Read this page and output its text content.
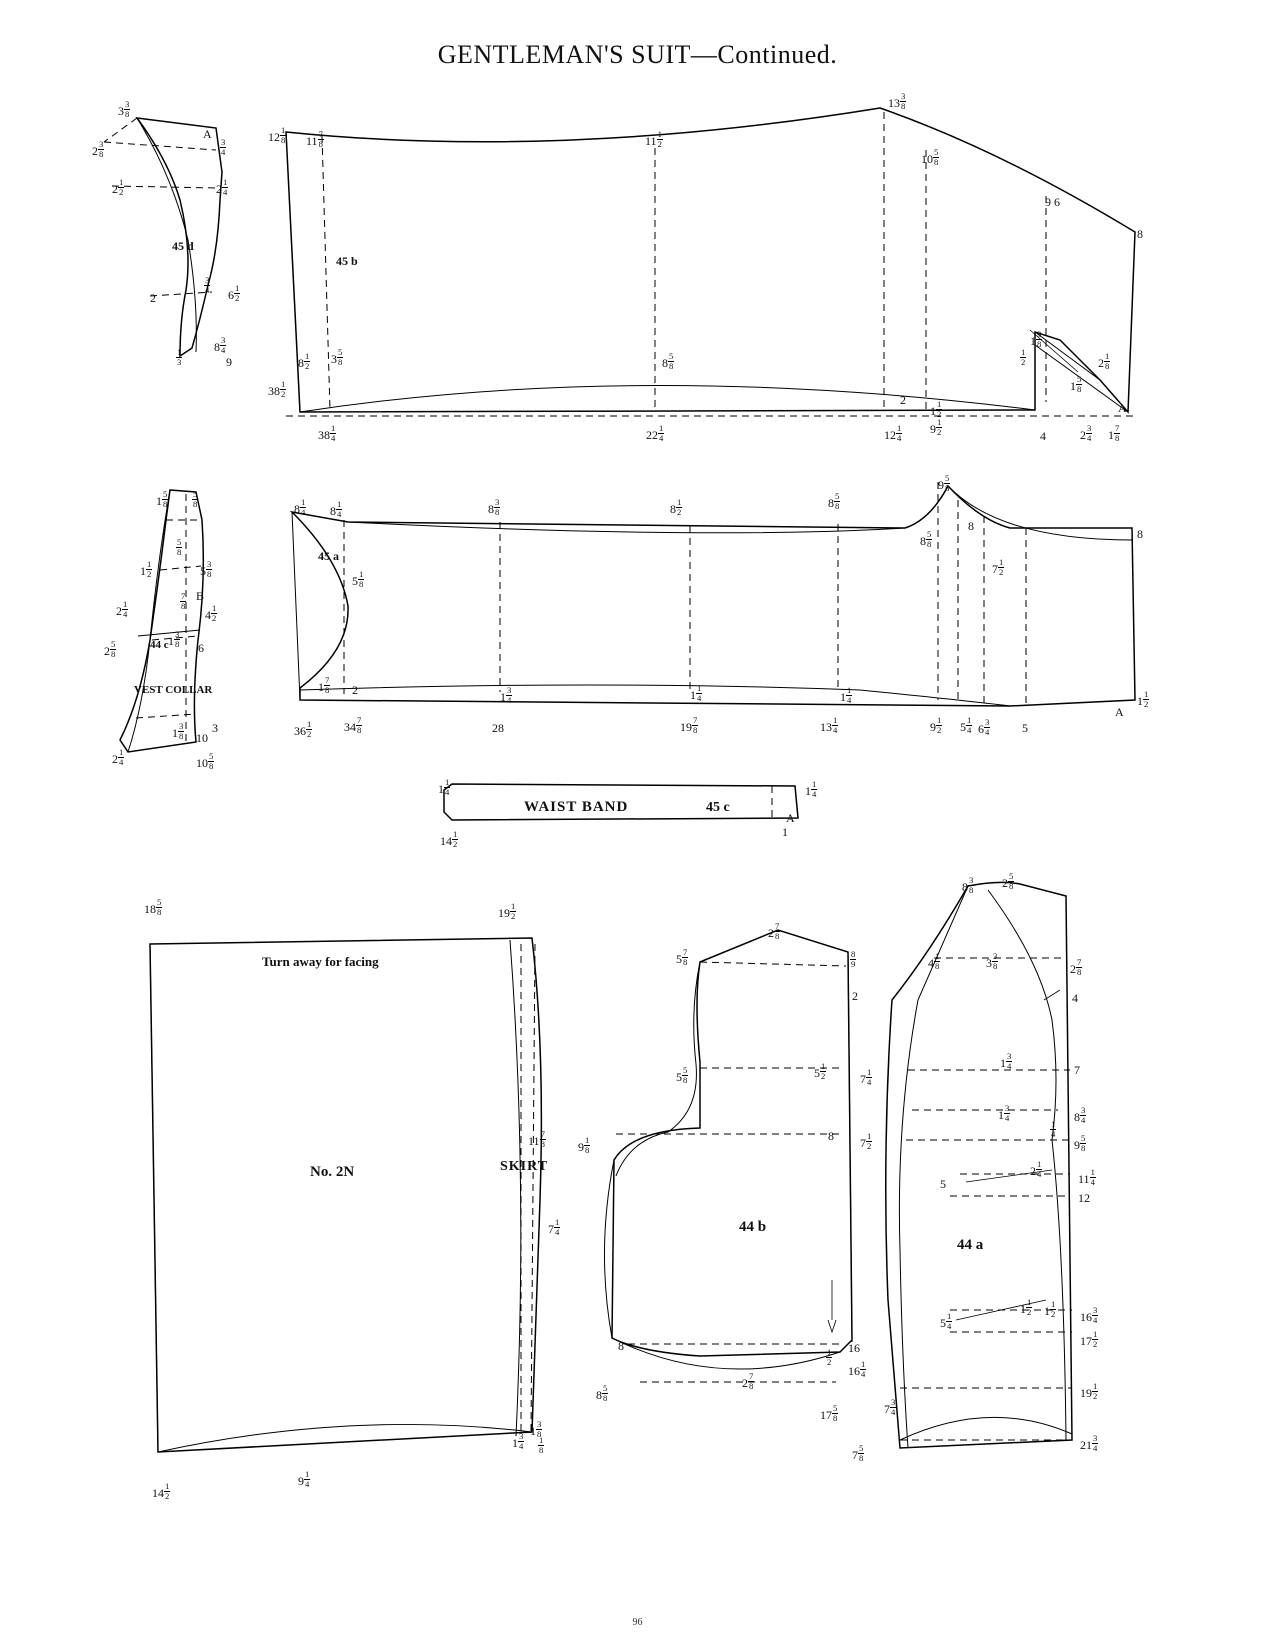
GENTLEMAN'S SUIT—Continued.
45 d
45 b
45 a
VEST COLLAR
44 c
WAIST BAND	45 c
Turn away for facing
No. 2N	SKIRT
44 b
44 a
96
$3 \frac{3}{8}$
$2 \frac{3}{8}$
$2 \frac{1}{2}$
2
$\frac{1}{3}$
$\frac{3}{4}$
$2 \frac{1}{4}$
$\frac{3}{4}$
$6 \frac{1}{2}$
$8 \frac{3}{4}$
9
A	$12 \frac{1}{8} 11 \frac{7}{8}$	$11 \frac{1}{2}$
$13 \frac{3}{8}$
$10 \frac{5}{8}$
9 6
8
$8 \frac{1}{2} 3 \frac{5}{8}$	$8 \frac{5}{8}$
2
$1 \frac{1}{2}$
$1 \frac{3}{8}$
$\frac{1}{2}$	$2 \frac{1}{8}$
$1 \frac{5}{8}$
A
$38 \frac{1}{2}$
$38 \frac{1}{4}$	$22 \frac{1}{4}$	$12 \frac{1}{4} 9 \frac{1}{2}$	4	$2 \frac{3}{4} 1 \frac{7}{8}$
$8 \frac{1}{4} 8 \frac{1}{4}$	$8 \frac{3}{8}$	$8 \frac{1}{2}$	$8 \frac{5}{8}$
$9 \frac{5}{8}$
$8 \frac{5}{8}$
8
$7 \frac{1}{2}$
8
$5 \frac{1}{8}$
$1 \frac{7}{8} 2$
$1 \frac{3}{4}$	$1 \frac{1}{4}$	$1 \frac{1}{4}$	$1 \frac{1}{2}$
A
$36 \frac{1}{2}$	$34 \frac{7}{8}$	28	$19 \frac{7}{8}$	$13 \frac{1}{4}$	$9 \frac{1}{2} 5 \frac{1}{4} 6 \frac{3}{4}$	5
$1 \frac{5}{8}$	$\frac{5}{8}$
$1 \frac{1}{2}$	$5 \frac{3}{8}$
$\frac{5}{8}$
$2 \frac{1}{4}$	$\frac{7}{8}$ B
$4 \frac{1}{2}$
$2 \frac{5}{8}$	$1 \frac{3}{8} 6$
$1 \frac{3}{8} 10$
3
$10 \frac{5}{8}$
$2 \frac{1}{4}$
$1 \frac{1}{4}$	$1 \frac{1}{4}$
A
1
$14 \frac{1}{2}$
$18 \frac{5}{8}$	$19 \frac{1}{2}$
$11 \frac{7}{8}$
$7 \frac{1}{4}$
$1 \frac{3}{8}$
$1 \frac{3}{4} \frac{1}{8}$
$14 \frac{1}{2}$
$9 \frac{1}{4}$
$2 \frac{7}{8}$
$\frac{8}{9}$
$5 \frac{7}{8}$
2
$5 \frac{5}{8}$	$5 \frac{1}{2}$
$9 \frac{1}{8}$	8
8
$\frac{1}{2}$
$8 \frac{5}{8}$
$2 \frac{7}{8}$
$17 \frac{5}{8}$
$8 \frac{3}{8} 2 \frac{5}{8}$
$4 \frac{1}{8}$	$3 \frac{3}{8}$	$2 \frac{7}{8}$
4
$7 \frac{1}{4}$
$1 \frac{3}{4}$	7
$1 \frac{3}{4}$	$8 \frac{3}{4}$
$\frac{1}{4}$
$7 \frac{1}{2}$	$9 \frac{5}{8}$
$2 \frac{1}{4}$
5	$11 \frac{1}{4}$
12
$5 \frac{1}{4}$
$1 \frac{1}{2} 1 \frac{1}{2} 16 \frac{3}{4}$
$17 \frac{1}{2}$
$7 \frac{3}{4}$
$19 \frac{1}{2}$
$7 \frac{5}{8}$	$21 \frac{3}{4}$
16
$16 \frac{1}{4}$
